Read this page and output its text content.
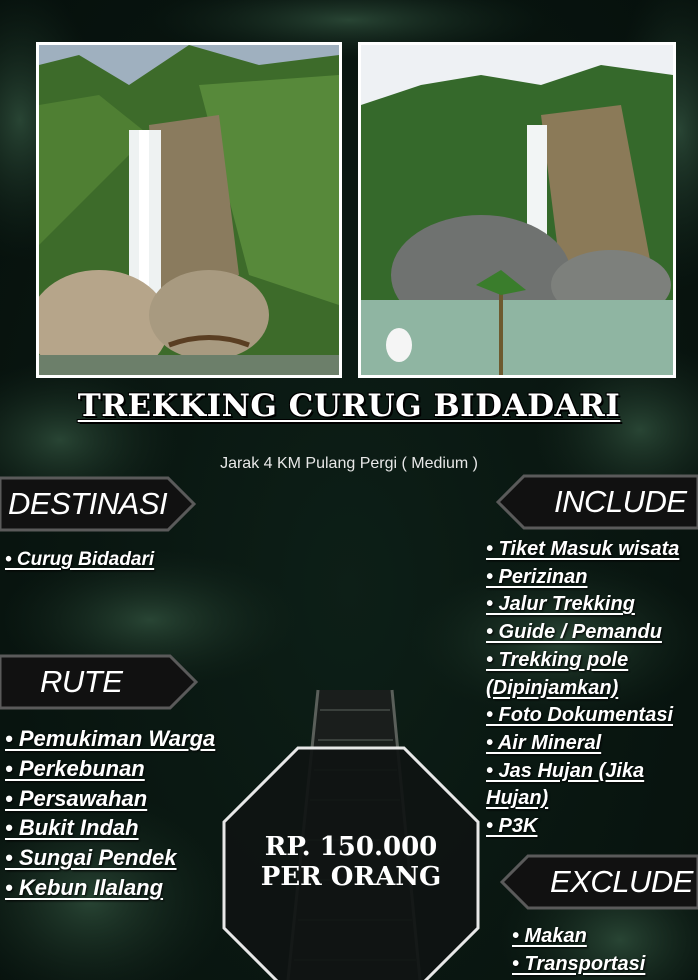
TREKKING CURUG BIDADARI
Jarak 4 KM Pulang Pergi ( Medium )
DESTINASI
• Curug Bidadari
RUTE
• Pemukiman Warga
• Perkebunan
• Persawahan
• Bukit Indah
• Sungai Pendek
• Kebun Ilalang
INCLUDE
• Tiket Masuk wisata
• Perizinan
• Jalur Trekking
• Guide / Pemandu
• Trekking pole (Dipinjamkan)
• Foto Dokumentasi
• Air Mineral
• Jas Hujan (Jika Hujan)
• P3K
EXCLUDE
• Makan
• Transportasi
RP. 150.000
PER ORANG
